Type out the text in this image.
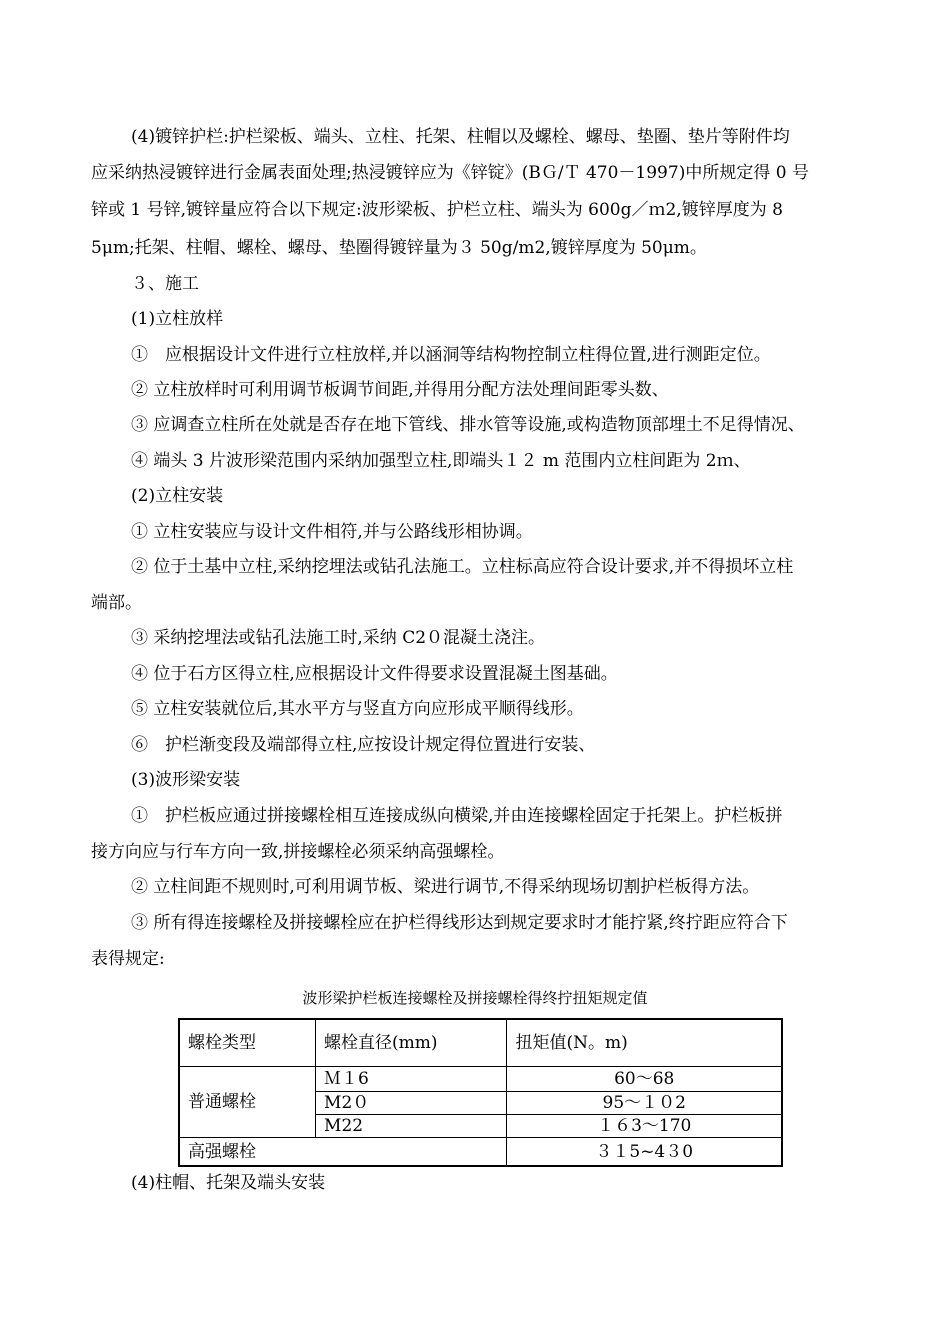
(4)镀锌护栏:护栏梁板、端头、立柱、托架、柱帽以及螺栓、螺母、垫圈、垫片等附件均
应采纳热浸镀锌进行金属表面处理;热浸镀锌应为《锌锭》(BＧ/Ｔ 470－1997)中所规定得 0 号
锌或 1 号锌,镀锌量应符合以下规定:波形梁板、护栏立柱、端头为 600g／ｍ2,镀锌厚度为 8
5μm;托架、柱帽、螺栓、螺母、垫圈得镀锌量为３ 50g/m2,镀锌厚度为 50μm。
３、施工
(1)立柱放样
①　应根据设计文件进行立柱放样,并以涵洞等结构物控制立柱得位置,进行测距定位。
② 立柱放样时可利用调节板调节间距,并得用分配方法处理间距零头数、
③ 应调查立柱所在处就是否存在地下管线、排水管等设施,或构造物顶部埋土不足得情况、
④ 端头 3 片波形梁范围内采纳加强型立柱,即端头１２ m 范围内立柱间距为 2ｍ、
(2)立柱安装
① 立柱安装应与设计文件相符,并与公路线形相协调。
② 位于土基中立柱,采纳挖埋法或钻孔法施工。立柱标高应符合设计要求,并不得损坏立柱
端部。
③ 采纳挖埋法或钻孔法施工时,采纳 C2０混凝土浇注。
④ 位于石方区得立柱,应根据设计文件得要求设置混凝土图基础。
⑤ 立柱安装就位后,其水平方与竖直方向应形成平顺得线形。
⑥　护栏渐变段及端部得立柱,应按设计规定得位置进行安装、
(3)波形梁安装
①　护栏板应通过拼接螺栓相互连接成纵向横梁,并由连接螺栓固定于托架上。护栏板拼
接方向应与行车方向一致,拼接螺栓必须采纳高强螺栓。
② 立柱间距不规则时,可利用调节板、梁进行调节,不得采纳现场切割护栏板得方法。
③ 所有得连接螺栓及拼接螺栓应在护栏得线形达到规定要求时才能拧紧,终拧距应符合下
表得规定:
波形梁护栏板连接螺栓及拼接螺栓得终拧扭矩规定值
螺栓类型	螺栓直径(mm)	扭矩值(N。m)
普通螺栓	Ｍ１6	60～68
	M2０	95～１０2
	M22	１６3～170
高强螺栓		３１5~4３0
(4)柱帽、托架及端头安装
